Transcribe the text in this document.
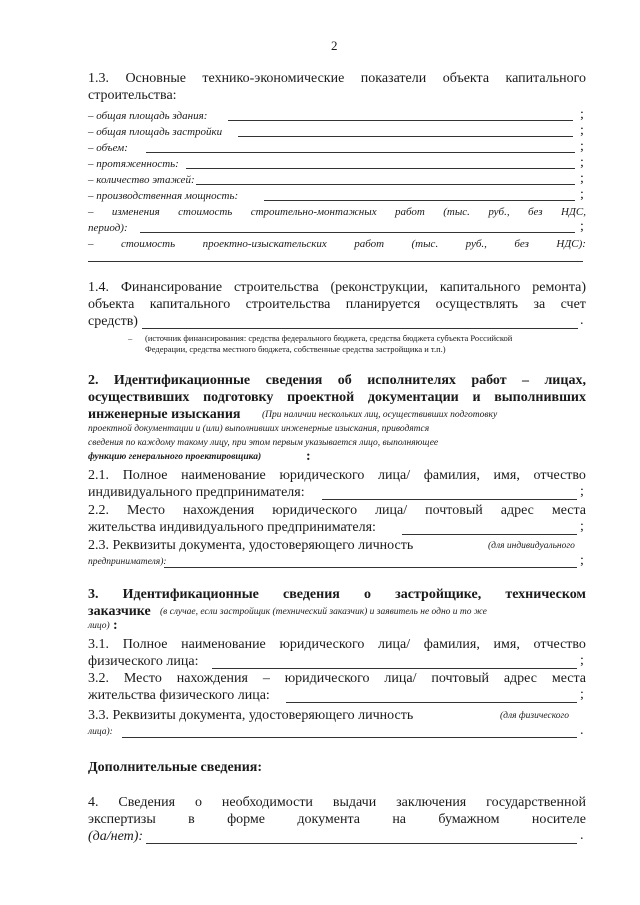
2
1.3. Основные технико-экономические показатели объекта капитального
строительства:
– общая площадь здания:	;
– общая площадь застройки	;
– объем:	;
– протяженность:	;
– количество этажей:	;
– производственная мощность:	;
– изменения стоимость строительно-монтажных работ (тыс. руб., без НДС,
период):	;
– стоимость проектно-изыскательских работ (тыс. руб., без НДС):
1.4. Финансирование строительства (реконструкции, капитального ремонта)
объекта капитального строительства планируется осуществлять за счет
средств)	.
– (источник финансирования: средства федерального бюджета, средства бюджета субъекта Российской
Федерации, средства местного бюджета, собственные средства застройщика и т.п.)
2. Идентификационные сведения об исполнителях работ – лицах,
осуществивших подготовку проектной документации и выполнивших
инженерные изыскания (При наличии нескольких лиц, осуществивших подготовку
проектной документации и (или) выполнивших инженерные изыскания, приводятся
сведения по каждому такому лицу, при этом первым указывается лицо, выполняющее
функцию генерального проектировщика)	:
2.1. Полное наименование юридического лица/ фамилия, имя, отчество
индивидуального предпринимателя:	;
2.2. Место нахождения юридического лица/ почтовый адрес места
жительства индивидуального предпринимателя:	;
2.3. Реквизиты документа, удостоверяющего личность	(для индивидуального
предпринимателя):	;
3. Идентификационные сведения о застройщике, техническом
заказчике (в случае, если застройщик (технический заказчик) и заявитель не одно и то же
лицо) :
3.1. Полное наименование юридического лица/ фамилия, имя, отчество
физического лица:	;
3.2. Место нахождения – юридического лица/ почтовый адрес места
жительства физического лица:	;
3.3. Реквизиты документа, удостоверяющего личность	(для физического
лица):	.
Дополнительные сведения:
4. Сведения о необходимости выдачи заключения государственной
экспертизы в форме документа на бумажном носителе
(да/нет):	.
